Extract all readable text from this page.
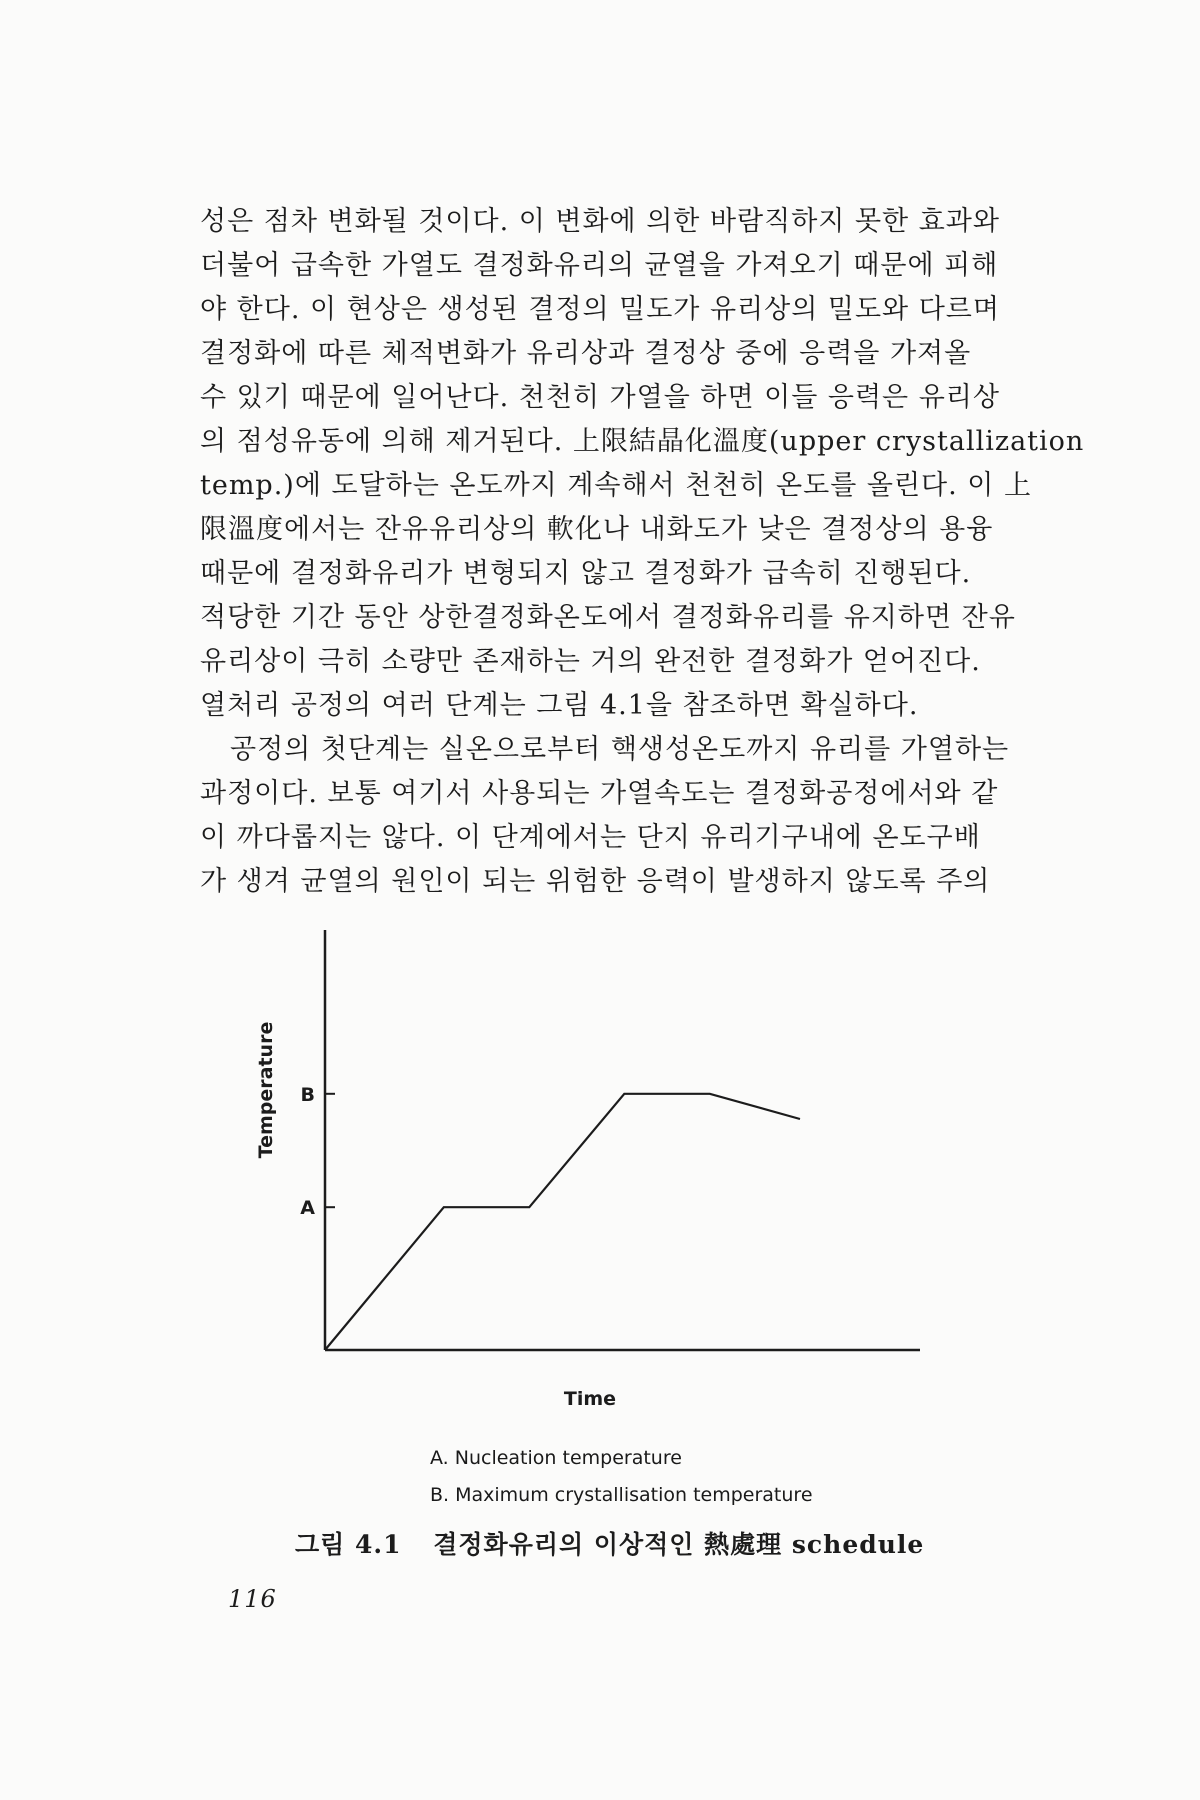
성은 점차 변화될 것이다. 이 변화에 의한 바람직하지 못한 효과와
더불어 급속한 가열도 결정화유리의 균열을 가져오기 때문에 피해
야 한다. 이 현상은 생성된 결정의 밀도가 유리상의 밀도와 다르며
결정화에 따른 체적변화가 유리상과 결정상 중에 응력을 가져올
수 있기 때문에 일어난다. 천천히 가열을 하면 이들 응력은 유리상
의 점성유동에 의해 제거된다. 上限結晶化溫度(upper crystallization
temp.)에 도달하는 온도까지 계속해서 천천히 온도를 올린다. 이 上
限溫度에서는 잔유유리상의 軟化나 내화도가 낮은 결정상의 용융
때문에 결정화유리가 변형되지 않고 결정화가 급속히 진행된다.
적당한 기간 동안 상한결정화온도에서 결정화유리를 유지하면 잔유
유리상이 극히 소량만 존재하는 거의 완전한 결정화가 얻어진다.
열처리 공정의 여러 단계는 그림 4.1을 참조하면 확실하다.

공정의 첫단계는 실온으로부터 핵생성온도까지 유리를 가열하는
과정이다. 보통 여기서 사용되는 가열속도는 결정화공정에서와 같
이 까다롭지는 않다. 이 단계에서는 단지 유리기구내에 온도구배
가 생겨 균열의 원인이 되는 위험한 응력이 발생하지 않도록 주의

A
B
Time
Temperature
A. Nucleation temperature
B. Maximum crystallisation temperature
그림 4.1 결정화유리의 이상적인 熱處理 schedule
116
